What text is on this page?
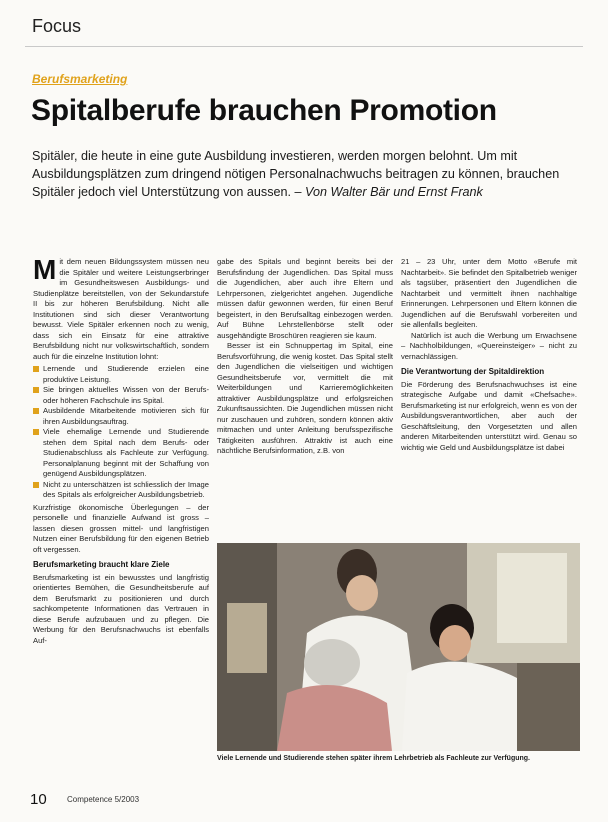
Focus
Berufsmarketing
Spitalberufe brauchen Promotion
Spitäler, die heute in eine gute Ausbildung investieren, werden morgen belohnt. Um mit Ausbildungsplätzen zum dringend nötigen Personalnachwuchs beitragen zu können, brauchen Spitäler jedoch viel Unterstützung von aussen. – Von Walter Bär und Ernst Frank
M it dem neuen Bildungssystem müssen neu die Spitäler und weitere Leistungserbringer im Gesundheitswesen Ausbildungs- und Studienplätze bereitstellen, von der Sekundarstufe II bis zur höheren Berufsbildung. Nicht alle Institutionen sind sich dieser Verantwortung bewusst. Viele Spitäler erkennen noch zu wenig, dass sich ein Einsatz für eine attraktive Berufsbildung nicht nur volkswirtschaftlich, sondern auch für die einzelne Institution lohnt:

Lernende und Studierende erzielen eine produktive Leistung.
Sie bringen aktuelles Wissen von der Berufs- oder höheren Fachschule ins Spital.
Ausbildende Mitarbeitende motivieren sich für ihren Ausbildungsauftrag.
Viele ehemalige Lernende und Studierende stehen dem Spital nach dem Berufs- oder Studienabschluss als Fachleute zur Verfügung. Personalplanung beginnt mit der Schaffung von genügend Ausbildungsplätzen.
Nicht zu unterschätzen ist schliesslich der Image des Spitals als erfolgreicher Ausbildungsbetrieb.

Kurzfristige ökonomische Überlegungen – der personelle und finanzielle Aufwand ist gross – lassen diesen grossen mittel- und langfristigen Nutzen einer Berufsbildung für den eigenen Betrieb oft vergessen.

Berufsmarketing braucht klare Ziele

Berufsmarketing ist ein bewusstes und langfristig orientiertes Bemühen, die Gesundheitsberufe auf dem Berufsmarkt zu positionieren und durch sachkompetente Informationen das Vertrauen in diese Berufe aufzubauen und zu pflegen. Die Werbung für den Berufsnachwuchs ist ebenfalls Auf-

gabe des Spitals und beginnt bereits bei der Berufsfindung der Jugendlichen. Das Spital muss die Jugendlichen, aber auch ihre Eltern und Lehrpersonen, zielgerichtet angehen. Jugendliche müssen dafür gewonnen werden, für einen Beruf begeistert, in den Berufsalltag einbezogen werden. Auf Bühne Lehrstellenbörse stellt oder ausgehändigte Broschüren reagieren sie kaum.

Besser ist ein Schnuppertag im Spital, eine Berufsvorführung, die wenig kostet. Das Spital stellt den Jugendlichen die vielseitigen und wichtigen Gesundheitsberufe vor, vermittelt die mit Weiterbildungen und Karrieremöglichkeiten attraktiver Ausbildungsplätze und erfolgsreichen Zukunftsaussichten. Die Jugendlichen müssen nicht nur zuschauen und zuhören, sondern können aktiv mitmachen und unter Anleitung berufsspezifische Tätigkeiten ausführen. Attraktiv ist auch eine nächtliche Berufsinformation, z.B. von

21 – 23 Uhr, unter dem Motto «Berufe mit Nachtarbeit». Sie befindet den Spitalbetrieb weniger als tagsüber, präsentiert den Jugendlichen die Nachtarbeit und vermittelt ihnen nachhaltige Erinnerungen. Lehrpersonen und Eltern können die Jugendlichen auf die Berufswahl vorbereiten und sie allenfalls begleiten.

Natürlich ist auch die Werbung um Erwachsene – Nachholbildungen, «Quereinsteiger» – nicht zu vernachlässigen.

Die Verantwortung der Spitaldirektion

Die Förderung des Berufsnachwuchses ist eine strategische Aufgabe und damit «Chefsache». Berufsmarketing ist nur erfolgreich, wenn es von der Ausbildungsverantwortlichen, aber auch der Geschäftsleitung, den Vorgesetzten und allen anderen Mitarbeitenden unterstützt wird. Genau so wichtig wie Geld und Ausbildungsplätze ist dabei

Viele Lernende und Studierende stehen später ihrem Lehrbetrieb als Fachleute zur Verfügung.
10	Competence 5/2003
